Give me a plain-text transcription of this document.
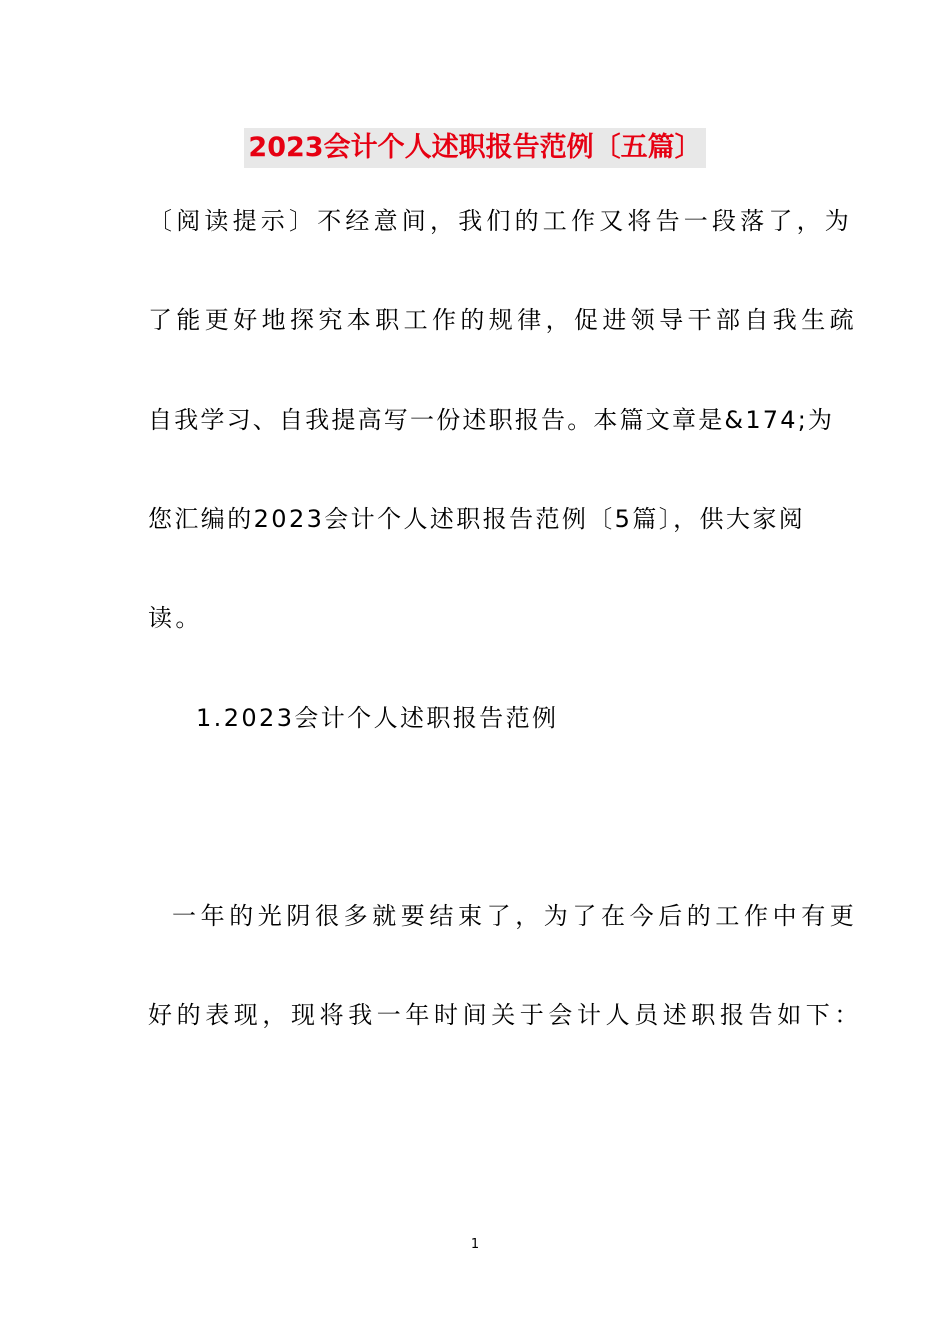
2023会计个人述职报告范例〔五篇〕
〔阅读提示〕不经意间，我们的工作又将告一段落了，为
了能更好地探究本职工作的规律，促进领导干部自我生疏
自我学习、自我提高写一份述职报告。本篇文章是&174;为
您汇编的2023会计个人述职报告范例〔5篇〕，供大家阅
读。
1.2023会计个人述职报告范例
一年的光阴很多就要结束了，为了在今后的工作中有更
好的表现，现将我一年时间关于会计人员述职报告如下：
1
